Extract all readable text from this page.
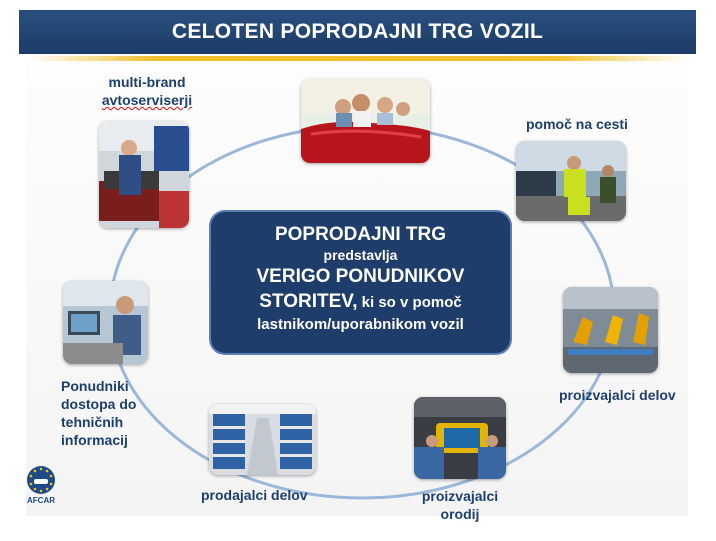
CELOTEN POPRODAJNI TRG VOZIL
multi-brand
avtoserviserji
pomoč na cesti
proizvajalci delov
proizvajalci
orodij
prodajalci delov
Ponudniki
dostopa do
tehničnih
informacij
POPRODAJNI TRG
predstavlja
VERIGO PONUDNIKOV
STORITEV, ki so v pomoč
lastnikom/uporabnikom vozil
AFCAR
